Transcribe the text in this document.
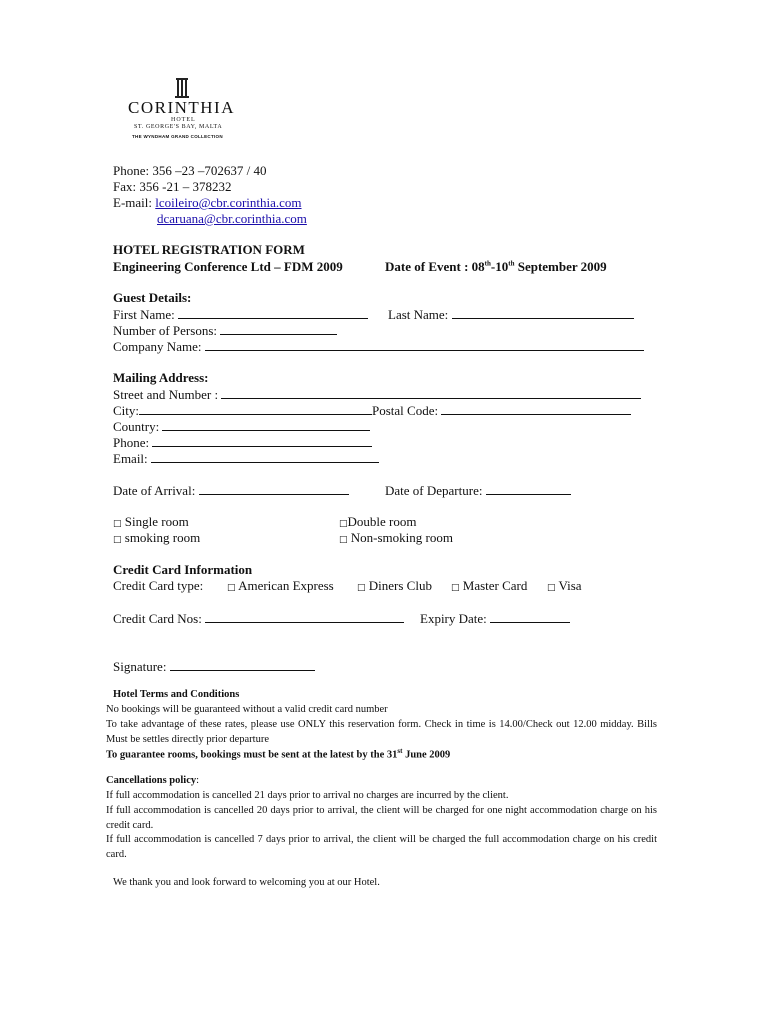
CORINTHIA
HOTEL
ST. GEORGE'S BAY, MALTA
THE WYNDHAM GRAND COLLECTION
Phone: 356 –23 –702637 / 40
Fax: 356 -21 – 378232
E-mail: lcoileiro@cbr.corinthia.com
dcaruana@cbr.corinthia.com
HOTEL REGISTRATION FORM
Engineering Conference Ltd – FDM 2009	Date of Event : 08th-10th September 2009
Guest Details:
First Name:	Last Name:
Number of Persons:
Company Name:
Mailing Address:
Street and Number :
City:	Postal Code:
Country:
Phone:
Email:
Date of Arrival:	Date of Departure:
□ Single room	□Double room
□ smoking room	□ Non-smoking room
Credit Card Information
Credit Card type:	□ American Express	□ Diners Club □ Master Card □ Visa
Credit Card Nos:	Expiry Date:
Signature:
Hotel Terms and Conditions
No bookings will be guaranteed without a valid credit card number
To take advantage of these rates, please use ONLY this reservation form. Check in time is 14.00/Check out 12.00 midday. Bills Must be settles directly prior departure
To guarantee rooms, bookings must be sent at the latest by the 31st June 2009
Cancellations policy:
If full accommodation is cancelled 21 days prior to arrival no charges are incurred by the client.
If full accommodation is cancelled 20 days prior to arrival, the client will be charged for one night accommodation charge on his credit card.
If full accommodation is cancelled 7 days prior to arrival, the client will be charged the full accommodation charge on his credit card.
We thank you and look forward to welcoming you at our Hotel.
